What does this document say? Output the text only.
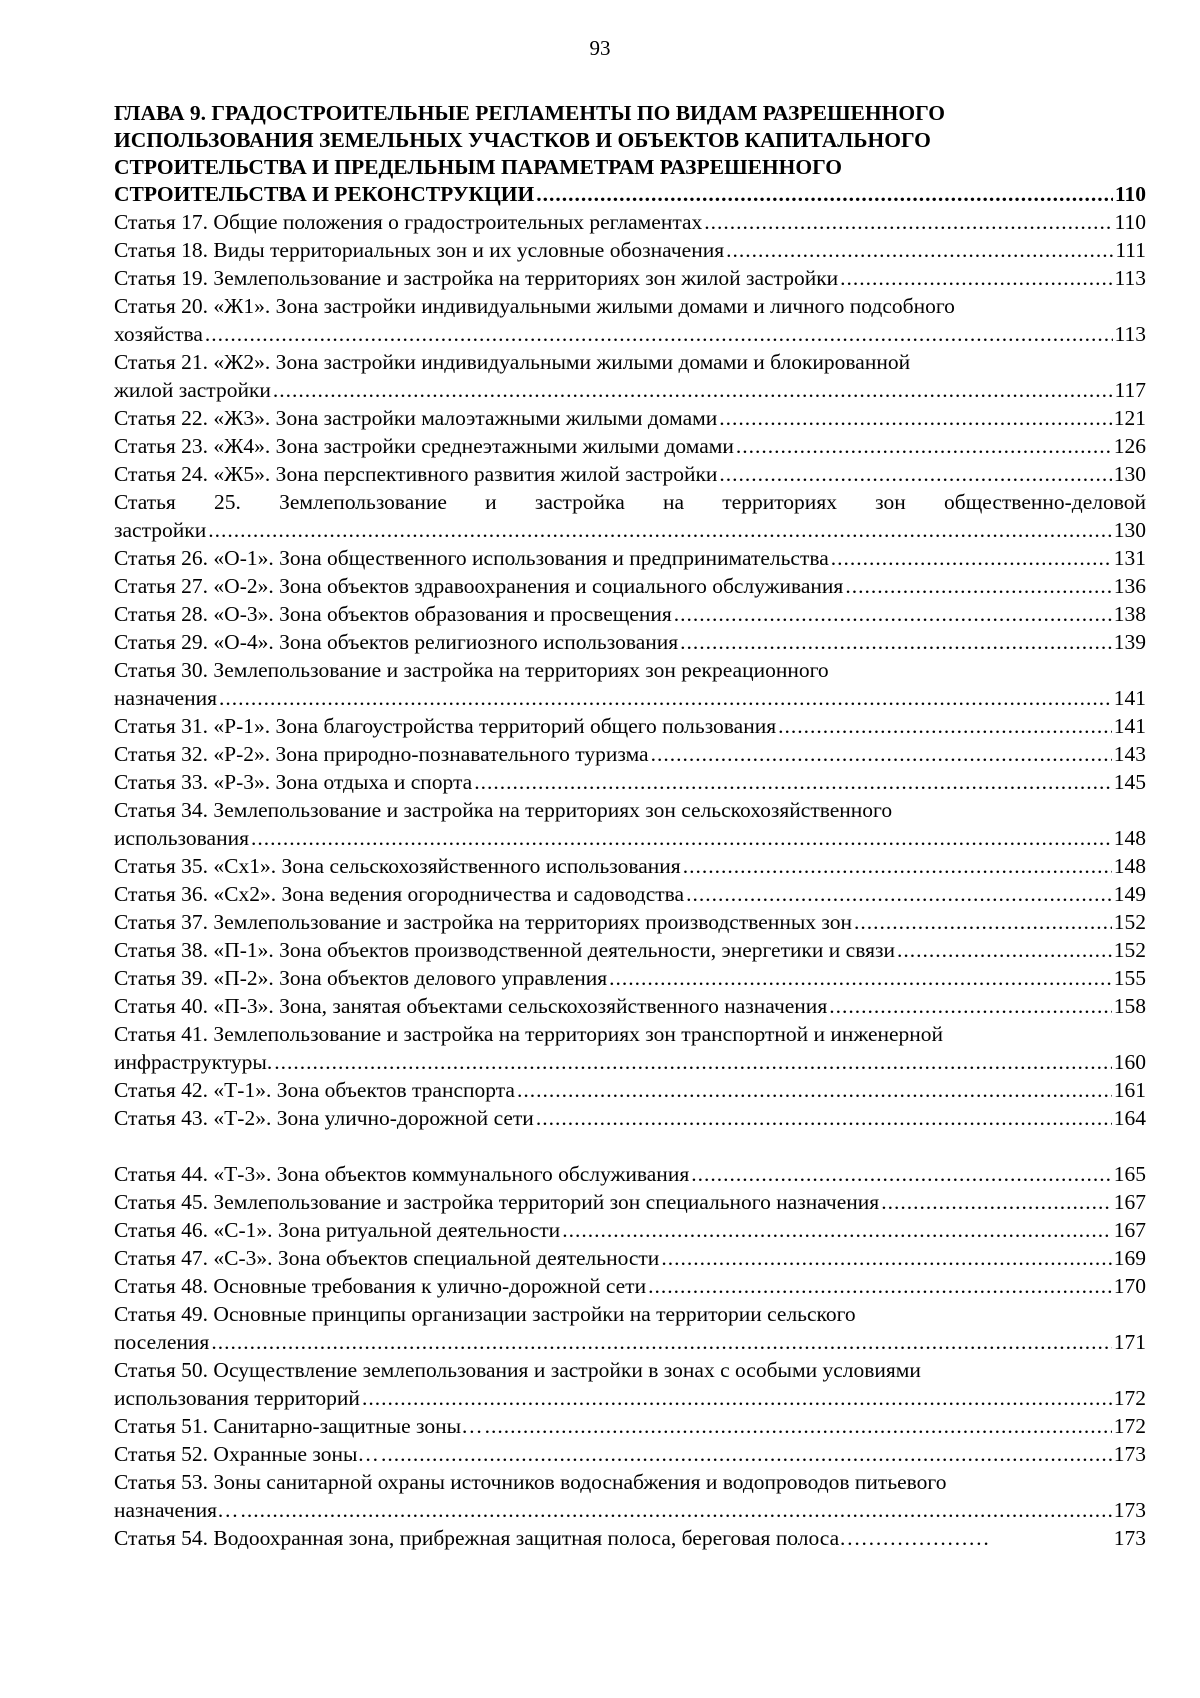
93
ГЛАВА 9. ГРАДОСТРОИТЕЛЬНЫЕ РЕГЛАМЕНТЫ ПО ВИДАМ РАЗРЕШЕННОГО
ИСПОЛЬЗОВАНИЯ ЗЕМЕЛЬНЫХ УЧАСТКОВ И ОБЪЕКТОВ КАПИТАЛЬНОГО
СТРОИТЕЛЬСТВА И ПРЕДЕЛЬНЫМ ПАРАМЕТРАМ РАЗРЕШЕННОГО
СТРОИТЕЛЬСТВА И РЕКОНСТРУКЦИИ .....	110
Статья 17. Общие положения о градостроительных регламентах .....	110
Статья 18. Виды территориальных зон и их условные обозначения .....	111
Статья 19. Землепользование и застройка на территориях зон жилой застройки .....	113
Статья 20. «Ж1». Зона застройки индивидуальными жилыми домами и личного подсобного
хозяйства .....	113
Статья 21. «Ж2». Зона застройки индивидуальными жилыми домами и блокированной
жилой застройки .....	117
Статья 22. «Ж3». Зона застройки малоэтажными жилыми домами .....	121
Статья 23. «Ж4». Зона застройки среднеэтажными жилыми домами .....	126
Статья 24. «Ж5». Зона перспективного развития жилой застройки .....	130
Статья 25. Землепользование и застройка на территориях зон общественно-деловой
застройки .....	130
Статья 26. «О-1». Зона общественного использования и предпринимательства .....	131
Статья 27. «О-2». Зона объектов здравоохранения и социального обслуживания .....	136
Статья 28. «О-3». Зона объектов образования и просвещения .....	138
Статья 29. «О-4». Зона объектов религиозного использования .....	139
Статья 30. Землепользование и застройка на территориях зон рекреационного
назначения .....	141
Статья 31. «Р-1». Зона благоустройства территорий общего пользования .....	141
Статья 32. «Р-2». Зона природно-познавательного туризма .....	143
Статья 33. «Р-3». Зона отдыха и спорта .....	145
Статья 34. Землепользование и застройка на территориях зон сельскохозяйственного
использования .....	148
Статья 35. «Сх1». Зона сельскохозяйственного использования .....	148
Статья 36. «Сх2». Зона ведения огородничества и садоводства .....	149
Статья 37. Землепользование и застройка на территориях производственных зон .....	152
Статья 38. «П-1». Зона объектов производственной деятельности, энергетики и связи .....	152
Статья 39. «П-2». Зона объектов делового управления .....	155
Статья 40. «П-3». Зона, занятая объектами сельскохозяйственного назначения .....	158
Статья 41. Землепользование и застройка на территориях зон транспортной и инженерной
инфраструктуры. .....	160
Статья 42. «Т-1». Зона объектов транспорта .....	161
Статья 43. «Т-2». Зона улично-дорожной сети .....	164
Статья 44. «Т-3». Зона объектов коммунального обслуживания .....	165
Статья 45. Землепользование и застройка территорий зон специального назначения .....	167
Статья 46. «С-1». Зона ритуальной деятельности .....	167
Статья 47. «С-3». Зона объектов специальной деятельности .....	169
Статья 48. Основные требования к улично-дорожной сети .....	170
Статья 49. Основные принципы организации застройки на территории сельского
поселения .....	171
Статья 50. Осуществление землепользования и застройки в зонах с особыми условиями
использования территорий .....	172
Статья 51. Санитарно-защитные зоны… .....	172
Статья 52. Охранные зоны… .....	173
Статья 53. Зоны санитарной охраны источников водоснабжения и водопроводов питьевого
назначения… .....	173
Статья 54. Водоохранная зона, прибрежная защитная полоса, береговая полоса…………………	173
